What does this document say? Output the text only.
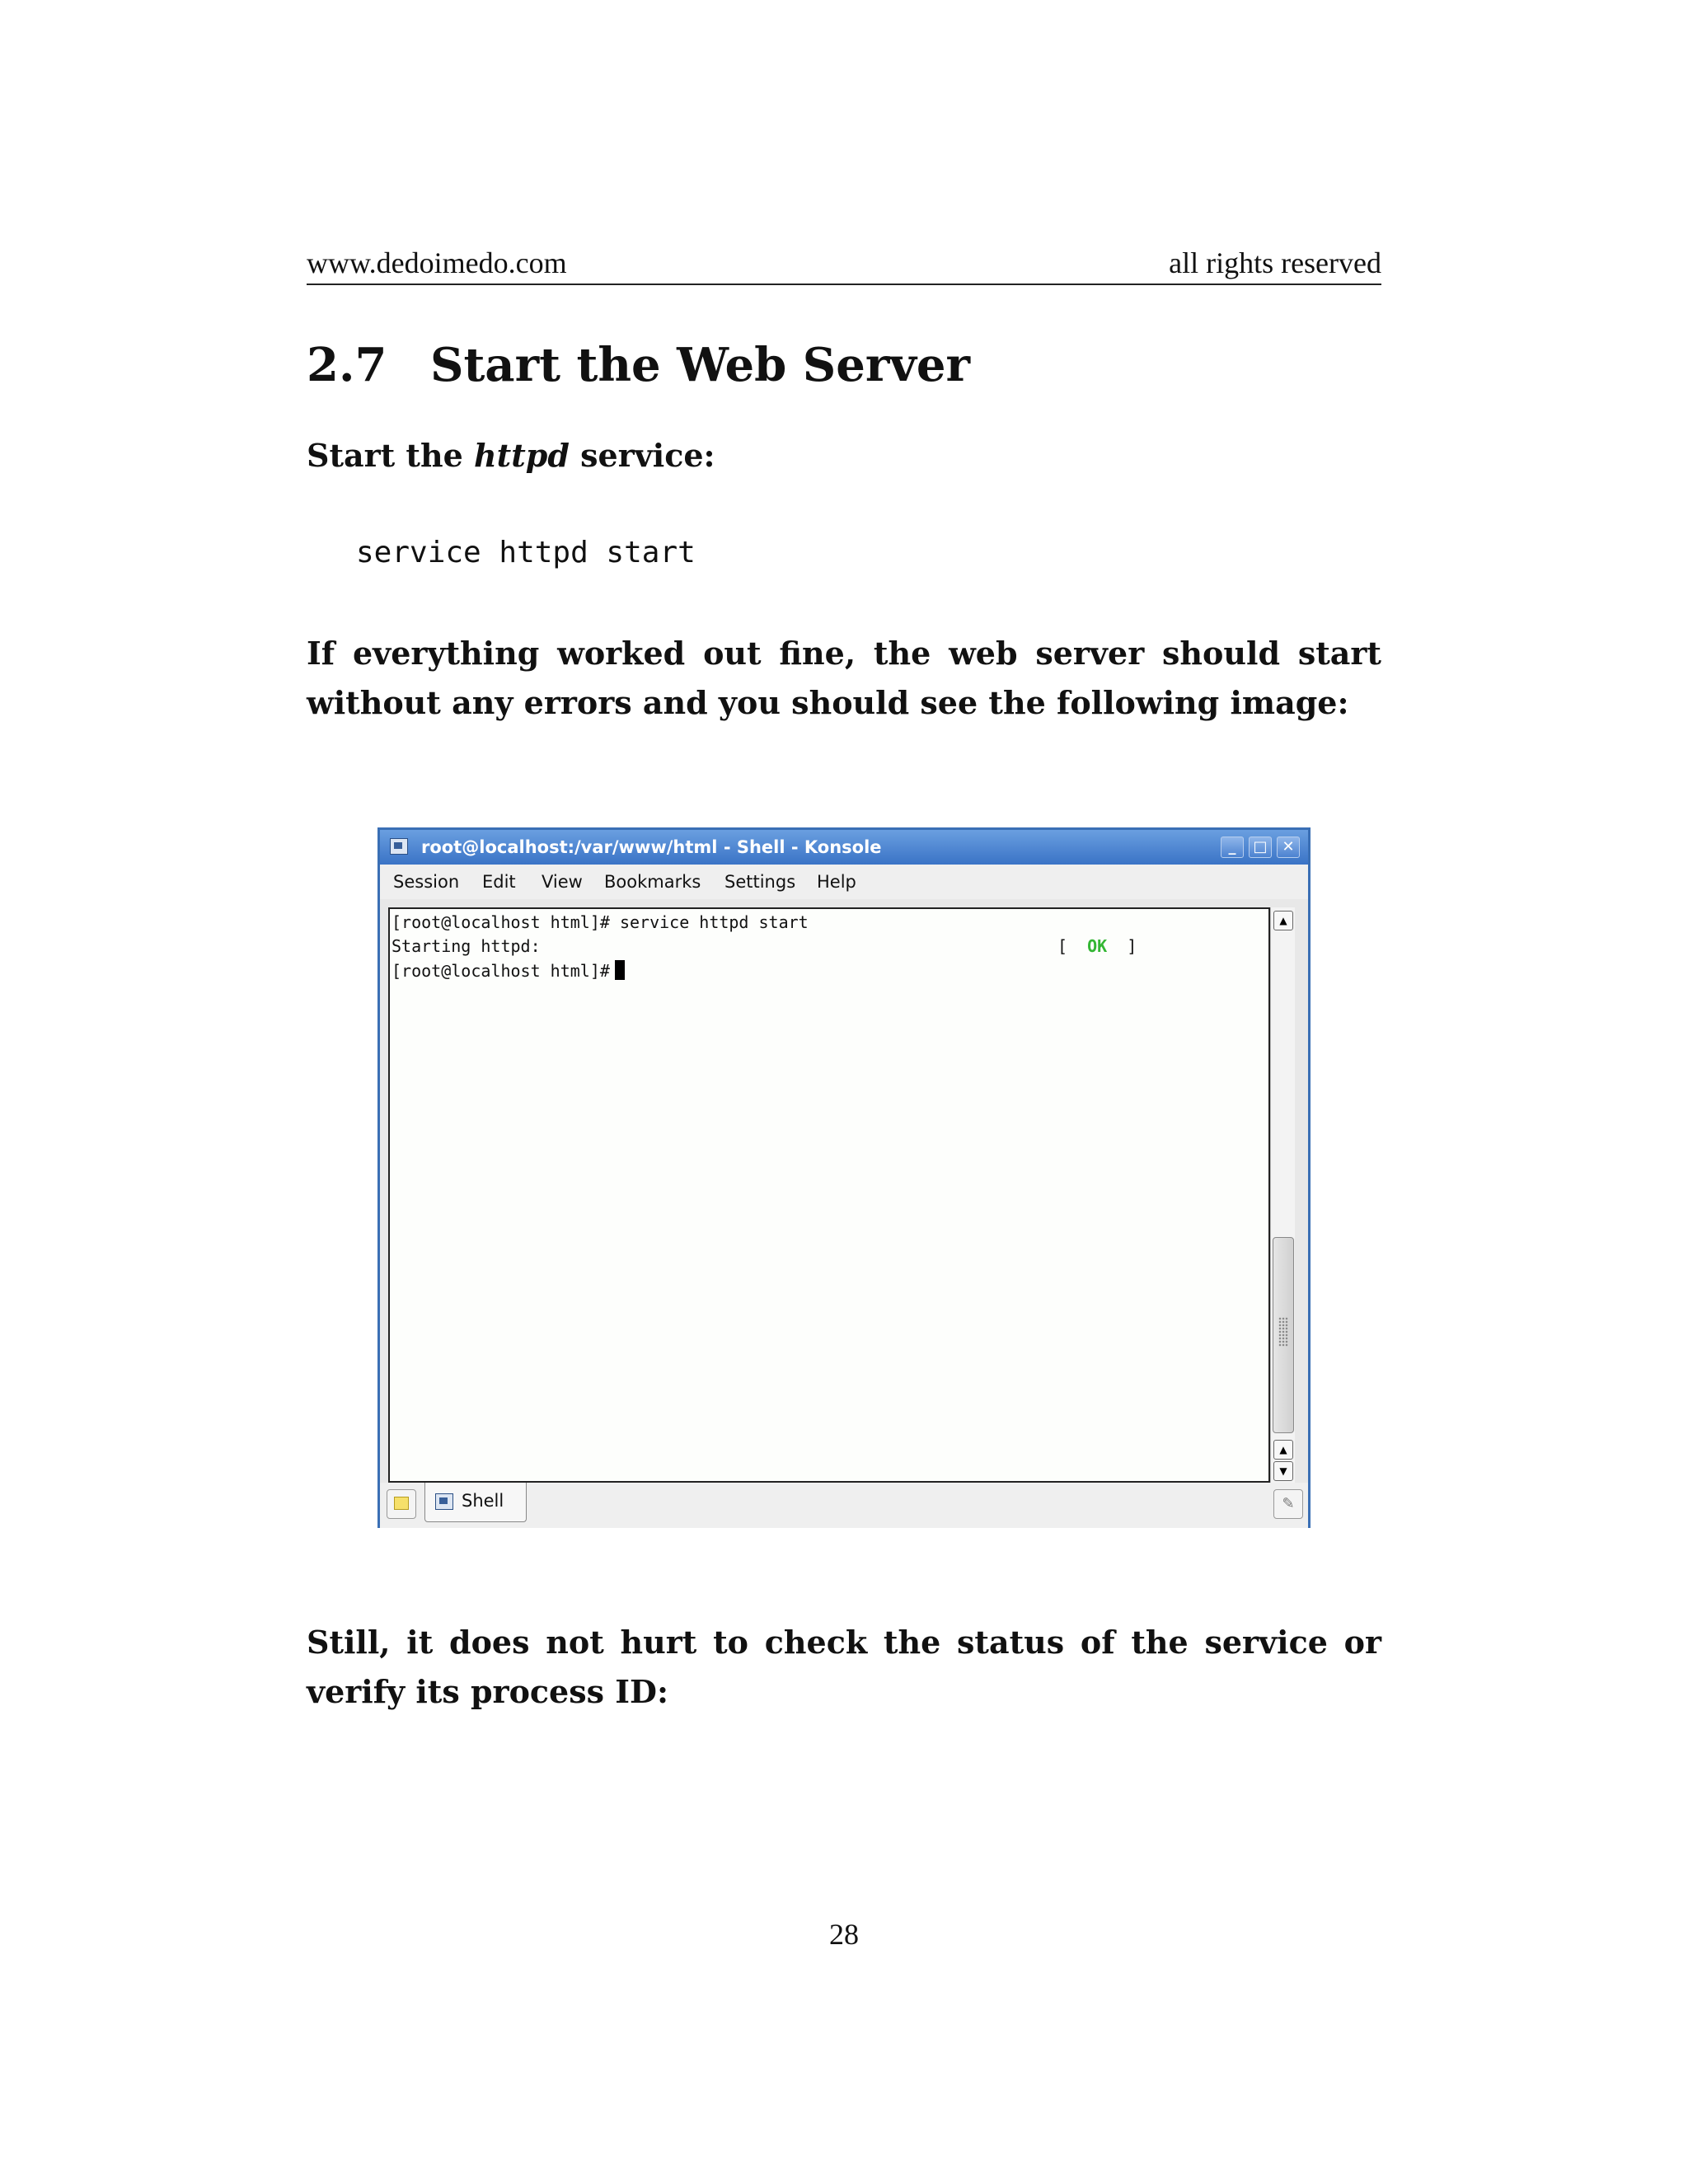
www.dedoimedo.com	all rights reserved
2.7 Start the Web Server
Start the httpd service:
service httpd start
If everything worked out fine, the web server should start without any errors and you should see the following image:
root@localhost:/var/www/html - Shell - Konsole	_	□ ✕
Session Edit View Bookmarks Settings Help
[root@localhost html]# service httpd start
Starting httpd:	[  OK  ]
[root@localhost html]#
▲
▲
▼
Shell	✎
Still, it does not hurt to check the status of the service or verify its process ID:
28
